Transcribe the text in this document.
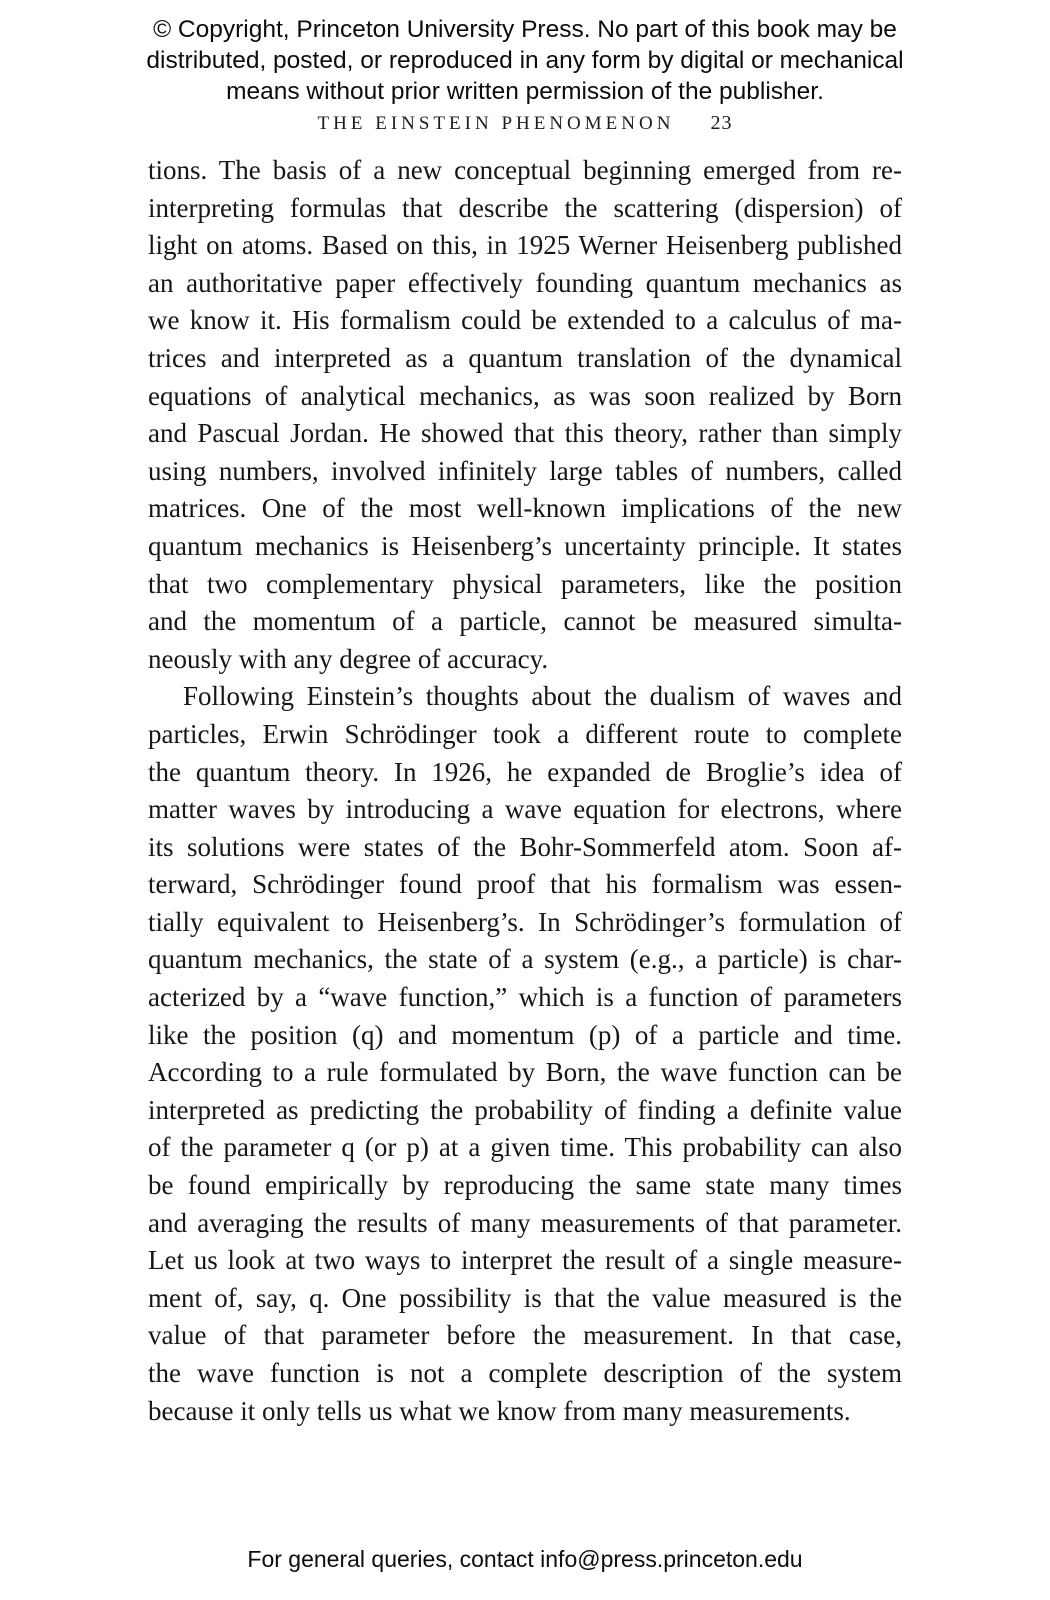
© Copyright, Princeton University Press. No part of this book may be
distributed, posted, or reproduced in any form by digital or mechanical
means without prior written permission of the publisher.
THE EINSTEIN PHENOMENON 23
tions. The basis of a new conceptual beginning emerged from re-
interpreting formulas that describe the scattering (dispersion) of
light on atoms. Based on this, in 1925 Werner Heisenberg published
an authoritative paper effectively founding quantum mechanics as
we know it. His formalism could be extended to a calculus of ma-
trices and interpreted as a quantum translation of the dynamical
equations of analytical mechanics, as was soon realized by Born
and Pascual Jordan. He showed that this theory, rather than simply
using numbers, involved infinitely large tables of numbers, called
matrices. One of the most well-known implications of the new
quantum mechanics is Heisenberg’s uncertainty principle. It states
that two complementary physical parameters, like the position
and the momentum of a particle, cannot be measured simulta-
neously with any degree of accuracy.
Following Einstein’s thoughts about the dualism of waves and
particles, Erwin Schrödinger took a different route to complete
the quantum theory. In 1926, he expanded de Broglie’s idea of
matter waves by introducing a wave equation for electrons, where
its solutions were states of the Bohr-Sommerfeld atom. Soon af-
terward, Schrödinger found proof that his formalism was essen-
tially equivalent to Heisenberg’s. In Schrödinger’s formulation of
quantum mechanics, the state of a system (e.g., a particle) is char-
acterized by a “wave function,” which is a function of parameters
like the position (q) and momentum (p) of a particle and time.
According to a rule formulated by Born, the wave function can be
interpreted as predicting the probability of finding a definite value
of the parameter q (or p) at a given time. This probability can also
be found empirically by reproducing the same state many times
and averaging the results of many measurements of that parameter.
Let us look at two ways to interpret the result of a single measure-
ment of, say, q. One possibility is that the value measured is the
value of that parameter before the measurement. In that case,
the wave function is not a complete description of the system
because it only tells us what we know from many measurements.
For general queries, contact info@press.princeton.edu
